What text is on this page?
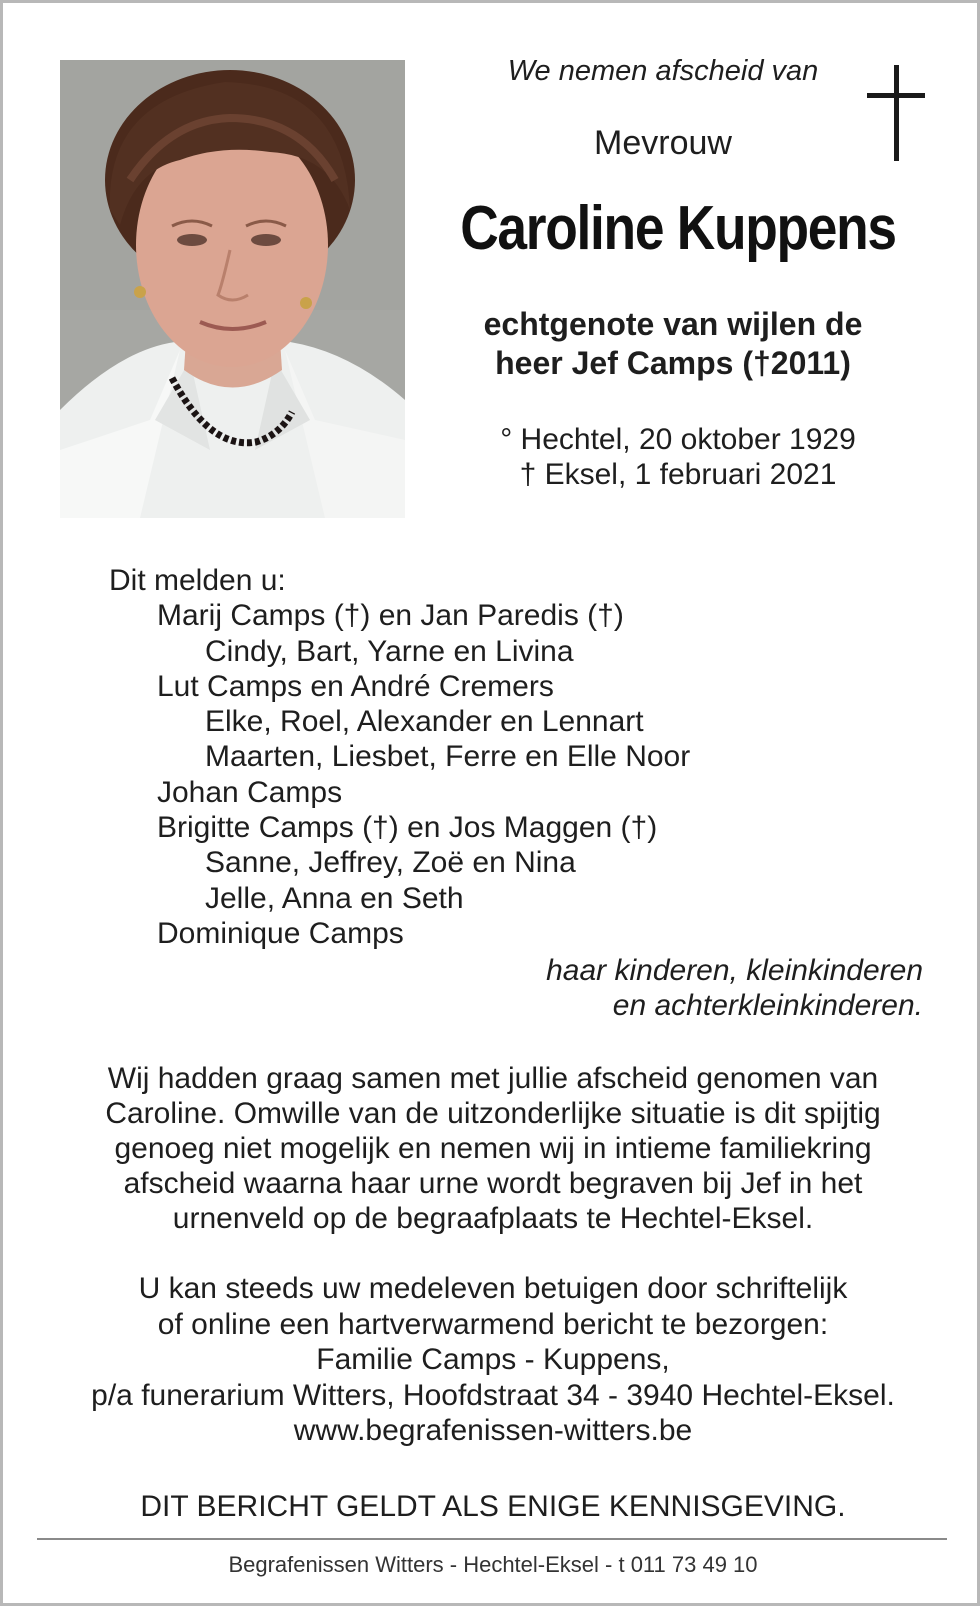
We nemen afscheid van
Mevrouw
Caroline Kuppens
echtgenote van wijlen de
heer Jef Camps (†2011)
° Hechtel, 20 oktober 1929
† Eksel, 1 februari 2021
Dit melden u:
Marij Camps (†) en Jan Paredis (†)
Cindy, Bart, Yarne en Livina
Lut Camps en André Cremers
Elke, Roel, Alexander en Lennart
Maarten, Liesbet, Ferre en Elle Noor
Johan Camps
Brigitte Camps (†) en Jos Maggen (†)
Sanne, Jeffrey, Zoë en Nina
Jelle, Anna en Seth
Dominique Camps
haar kinderen, kleinkinderen
en achterkleinkinderen.
Wij hadden graag samen met jullie afscheid genomen van
Caroline. Omwille van de uitzonderlijke situatie is dit spijtig
genoeg niet mogelijk en nemen wij in intieme familiekring
afscheid waarna haar urne wordt begraven bij Jef in het
urnenveld op de begraafplaats te Hechtel-Eksel.
U kan steeds uw medeleven betuigen door schriftelijk
of online een hartverwarmend bericht te bezorgen:
Familie Camps - Kuppens,
p/a funerarium Witters, Hoofdstraat 34 - 3940 Hechtel-Eksel.
www.begrafenissen-witters.be
DIT BERICHT GELDT ALS ENIGE KENNISGEVING.
Begrafenissen Witters - Hechtel-Eksel - t 011 73 49 10
